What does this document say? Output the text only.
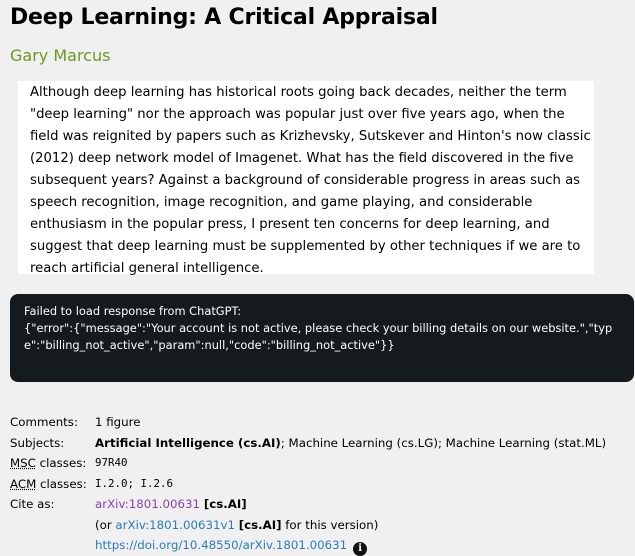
Deep Learning: A Critical Appraisal
Gary Marcus
Although deep learning has historical roots going back decades, neither the term "deep learning" nor the approach was popular just over five years ago, when the field was reignited by papers such as Krizhevsky, Sutskever and Hinton's now classic (2012) deep network model of Imagenet. What has the field discovered in the five subsequent years? Against a background of considerable progress in areas such as speech recognition, image recognition, and game playing, and considerable enthusiasm in the popular press, I present ten concerns for deep learning, and suggest that deep learning must be supplemented by other techniques if we are to reach artificial general intelligence.
Failed to load response from ChatGPT:
{"error":{"message":"Your account is not active, please check your billing details on our website.","type":"billing_not_active","param":null,"code":"billing_not_active"}}
Comments:	1 figure
Subjects:	Artificial Intelligence (cs.AI); Machine Learning (cs.LG); Machine Learning (stat.ML)
MSC classes: 97R40
ACM classes: I.2.0; I.2.6
Cite as:	arXiv:1801.00631 [cs.AI]
(or arXiv:1801.00631v1 [cs.AI] for this version)
https://doi.org/10.48550/arXiv.1801.00631 i
